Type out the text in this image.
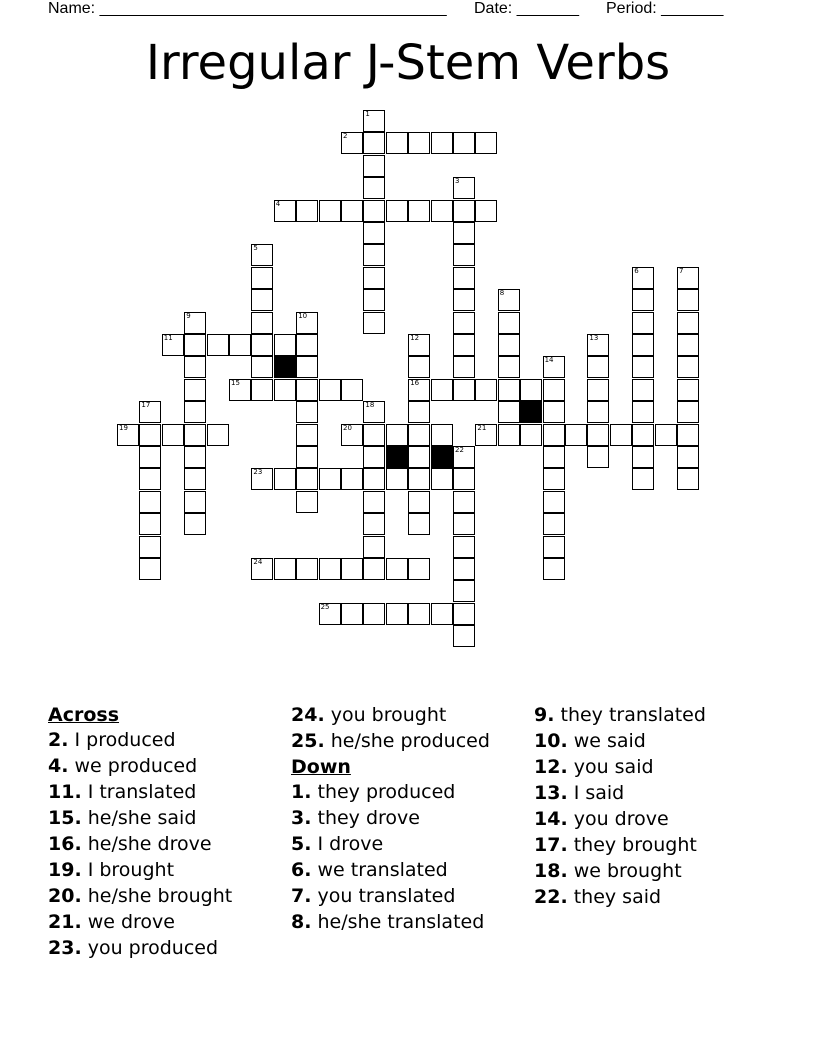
Name: _______________________________________ Date: _______ Period: _______
Irregular J-Stem Verbs
1
2
3
4
5
6	7
8
9	10
11	12
16
13
14
15
17	18
19	20	21
22
23
24
25
Across
2. I produced
4. we produced
11. I translated
15. he/she said
16. he/she drove
19. I brought
20. he/she brought
21. we drove
23. you produced
24. you brought
25. he/she produced
Down
1. they produced
3. they drove
5. I drove
6. we translated
7. you translated
8. he/she translated
9. they translated
10. we said
12. you said
13. I said
14. you drove
17. they brought
18. we brought
22. they said
